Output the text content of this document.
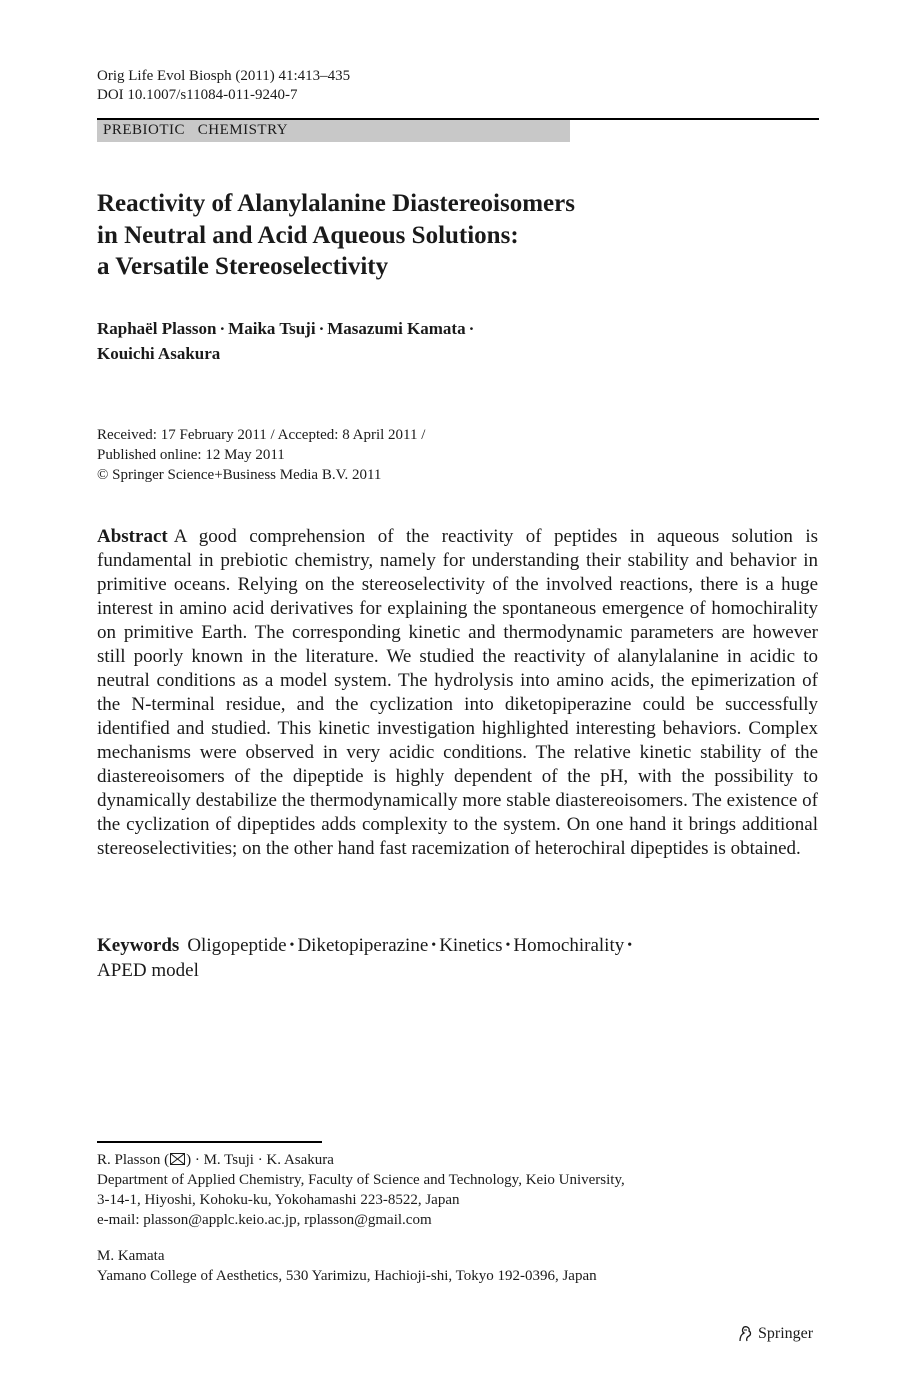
Orig Life Evol Biosph (2011) 41:413–435
DOI 10.1007/s11084-011-9240-7
PREBIOTIC   CHEMISTRY
Reactivity of Alanylalanine Diastereoisomers
in Neutral and Acid Aqueous Solutions:
a Versatile Stereoselectivity
Raphaël Plasson · Maika Tsuji · Masazumi Kamata ·
Kouichi Asakura
Received: 17 February 2011 / Accepted: 8 April 2011 /
Published online: 12 May 2011
© Springer Science+Business Media B.V. 2011

Abstract A good comprehension of the reactivity of peptides in aqueous solution is fundamental in prebiotic chemistry, namely for understanding their stability and behavior in primitive oceans. Relying on the stereoselectivity of the involved reactions, there is a huge interest in amino acid derivatives for explaining the spontaneous emergence of homochirality on primitive Earth. The corresponding kinetic and thermodynamic parameters are however still poorly known in the literature. We studied the reactivity of alanylalanine in acidic to neutral conditions as a model system. The hydrolysis into amino acids, the epimerization of the N-terminal residue, and the cyclization into diketopiperazine could be successfully identified and studied. This kinetic investigation highlighted interesting behaviors. Complex mechanisms were observed in very acidic conditions. The relative kinetic stability of the diastereoisomers of the dipeptide is highly dependent of the pH, with the possibility to dynamically destabilize the thermodynamically more stable diastereoisomers. The existence of the cyclization of dipeptides adds complexity to the system. On one hand it brings additional stereoselectivities; on the other hand fast racemization of heterochiral dipeptides is obtained.

Keywords Oligopeptide • Diketopiperazine • Kinetics • Homochirality •
APED model
R. Plasson ( ) · M. Tsuji · K. Asakura
Department of Applied Chemistry, Faculty of Science and Technology, Keio University,
3-14-1, Hiyoshi, Kohoku-ku, Yokohamashi 223-8522, Japan
e-mail: plasson@applc.keio.ac.jp, rplasson@gmail.com
M. Kamata
Yamano College of Aesthetics, 530 Yarimizu, Hachioji-shi, Tokyo 192-0396, Japan
Springer
